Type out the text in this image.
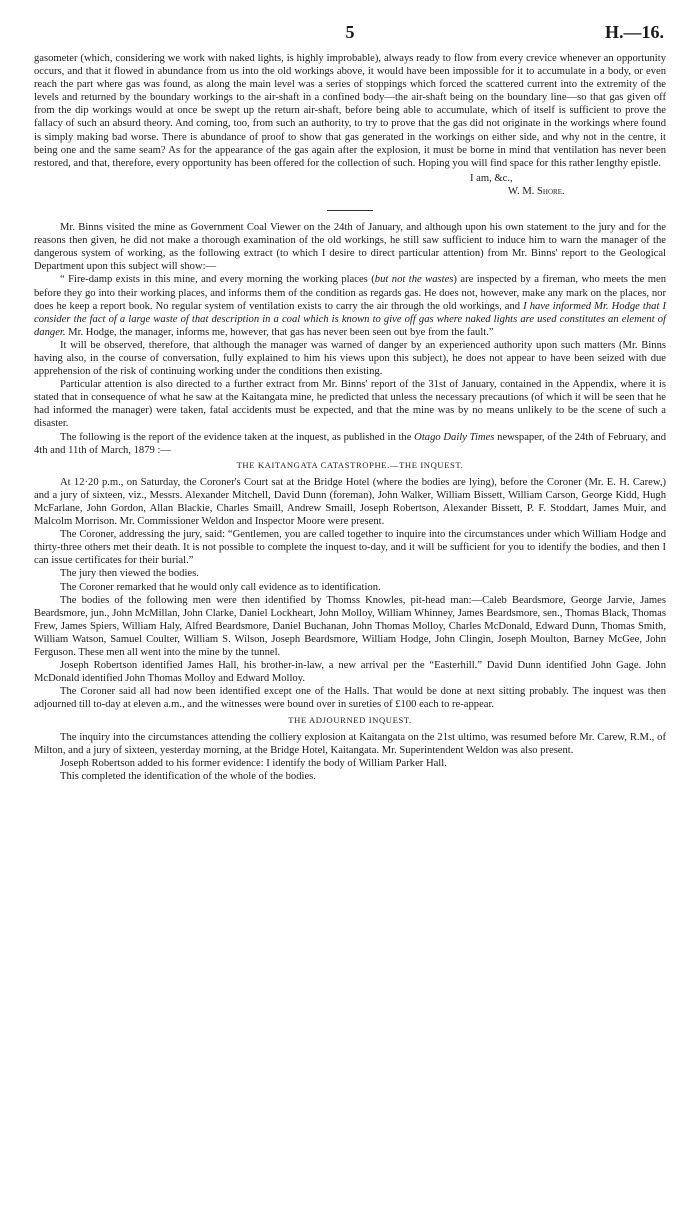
5	H.—16.

gasometer (which, considering we work with naked lights, is highly improbable), always ready to flow from every crevice whenever an opportunity occurs, and that it flowed in abundance from us into the old workings above, it would have been impossible for it to accumulate in a body, or even reach the part where gas was found, as along the main level was a series of stoppings which forced the scattered current into the extremity of the levels and returned by the boundary workings to the air-shaft in a confined body—the air-shaft being on the boundary line—so that gas given off from the dip workings would at once be swept up the return air-shaft, before being able to accumulate, which of itself is sufficient to prove the fallacy of such an absurd theory. And coming, too, from such an authority, to try to prove that the gas did not originate in the workings where found is simply making bad worse. There is abundance of proof to show that gas generated in the workings on either side, and why not in the centre, it being one and the same seam? As for the appearance of the gas again after the explosion, it must be borne in mind that ventilation has never been restored, and that, therefore, every opportunity has been offered for the collection of such. Hoping you will find space for this rather lengthy epistle.

I am, &c.,

W. M. Shore.

Mr. Binns visited the mine as Government Coal Viewer on the 24th of January, and although upon his own statement to the jury and for the reasons then given, he did not make a thorough examination of the old workings, he still saw sufficient to induce him to warn the manager of the dangerous system of working, as the following extract (to which I desire to direct particular attention) from Mr. Binns' report to the Geological Department upon this subject will show:—

“ Fire-damp exists in this mine, and every morning the working places (but not the wastes) are inspected by a fireman, who meets the men before they go into their working places, and informs them of the condition as regards gas. He does not, however, make any mark on the places, nor does he keep a report book. No regular system of ventilation exists to carry the air through the old workings, and I have informed Mr. Hodge that I consider the fact of a large waste of that description in a coal which is known to give off gas where naked lights are used constitutes an element of danger. Mr. Hodge, the manager, informs me, however, that gas has never been seen out bye from the fault.”

It will be observed, therefore, that although the manager was warned of danger by an experienced authority upon such matters (Mr. Binns having also, in the course of conversation, fully explained to him his views upon this subject), he does not appear to have been seized with due apprehension of the risk of continuing working under the conditions then existing.

Particular attention is also directed to a further extract from Mr. Binns' report of the 31st of January, contained in the Appendix, where it is stated that in consequence of what he saw at the Kaitangata mine, he predicted that unless the necessary precautions (of which it will be seen that he had informed the manager) were taken, fatal accidents must be expected, and that the mine was by no means unlikely to be the scene of such a disaster.

The following is the report of the evidence taken at the inquest, as published in the Otago Daily Times newspaper, of the 24th of February, and 4th and 11th of March, 1879 :—

THE KAITANGATA CATASTROPHE.—THE INQUEST.

At 12·20 p.m., on Saturday, the Coroner's Court sat at the Bridge Hotel (where the bodies are lying), before the Coroner (Mr. E. H. Carew,) and a jury of sixteen, viz., Messrs. Alexander Mitchell, David Dunn (foreman), John Walker, William Bissett, William Carson, George Kidd, Hugh McFarlane, John Gordon, Allan Blackie, Charles Smaill, Andrew Smaill, Joseph Robertson, Alexander Bissett, P. F. Stoddart, James Muir, and Malcolm Morrison. Mr. Commissioner Weldon and Inspector Moore were present.

The Coroner, addressing the jury, said: “Gentlemen, you are called together to inquire into the circumstances under which William Hodge and thirty-three others met their death. It is not possible to complete the inquest to-day, and it will be sufficient for you to identify the bodies, and then I can issue certificates for their burial.”

The jury then viewed the bodies.

The Coroner remarked that he would only call evidence as to identification.

The bodies of the following men were then identified by Thomss Knowles, pit-head man:—Caleb Beardsmore, George Jarvie, James Beardsmore, jun., John McMillan, John Clarke, Daniel Lockheart, John Molloy, William Whinney, James Beardsmore, sen., Thomas Black, Thomas Frew, James Spiers, William Haly, Alfred Beardsmore, Daniel Buchanan, John Thomas Molloy, Charles McDonald, Edward Dunn, Thomas Smith, William Watson, Samuel Coulter, William S. Wilson, Joseph Beardsmore, William Hodge, John Clingin, Joseph Moulton, Barney McGee, John Ferguson. These men all went into the mine by the tunnel.

Joseph Robertson identified James Hall, his brother-in-law, a new arrival per the “Easterhill.” David Dunn identified John Gage. John McDonald identified John Thomas Molloy and Edward Molloy.

The Coroner said all had now been identified except one of the Halls. That would be done at next sitting probably. The inquest was then adjourned till to-day at eleven a.m., and the witnesses were bound over in sureties of £100 each to re-appear.

THE ADJOURNED INQUEST.

The inquiry into the circumstances attending the colliery explosion at Kaitangata on the 21st ultimo, was resumed before Mr. Carew, R.M., of Milton, and a jury of sixteen, yesterday morning, at the Bridge Hotel, Kaitangata. Mr. Superintendent Weldon was also present.

Joseph Robertson added to his former evidence: I identify the body of William Parker Hall.

This completed the identification of the whole of the bodies.
